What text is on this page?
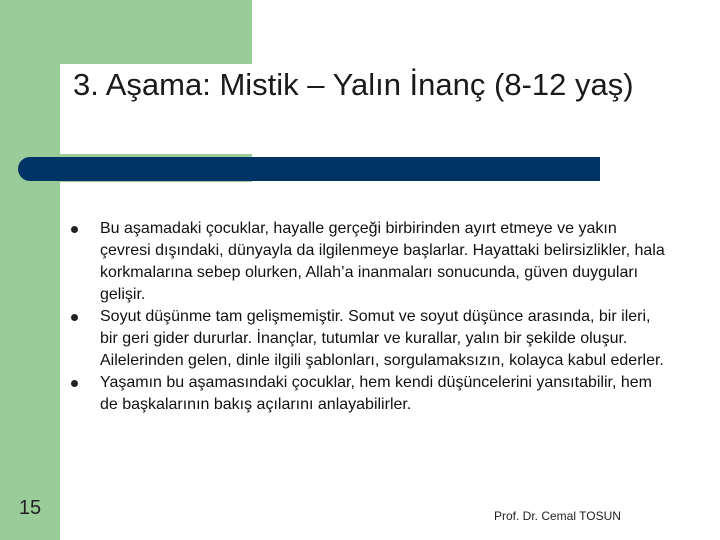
3. Aşama: Mistik – Yalın İnanç (8-12 yaş)
Bu aşamadaki çocuklar, hayalle gerçeği birbirinden ayırt etmeye ve yakın çevresi dışındaki, dünyayla da ilgilenmeye başlarlar. Hayattaki belirsizlikler, hala korkmalarına sebep olurken, Allah’a inanmaları sonucunda, güven duyguları gelişir.
Soyut düşünme tam gelişmemiştir. Somut ve soyut düşünce arasında, bir ileri, bir geri gider dururlar. İnançlar, tutumlar ve kurallar, yalın bir şekilde oluşur. Ailelerinden gelen, dinle ilgili şablonları, sorgulamaksızın, kolayca kabul ederler.
Yaşamın bu aşamasındaki çocuklar, hem kendi düşüncelerini yansıtabilir, hem de başkalarının bakış açılarını anlayabilirler.
15	Prof. Dr. Cemal TOSUN
